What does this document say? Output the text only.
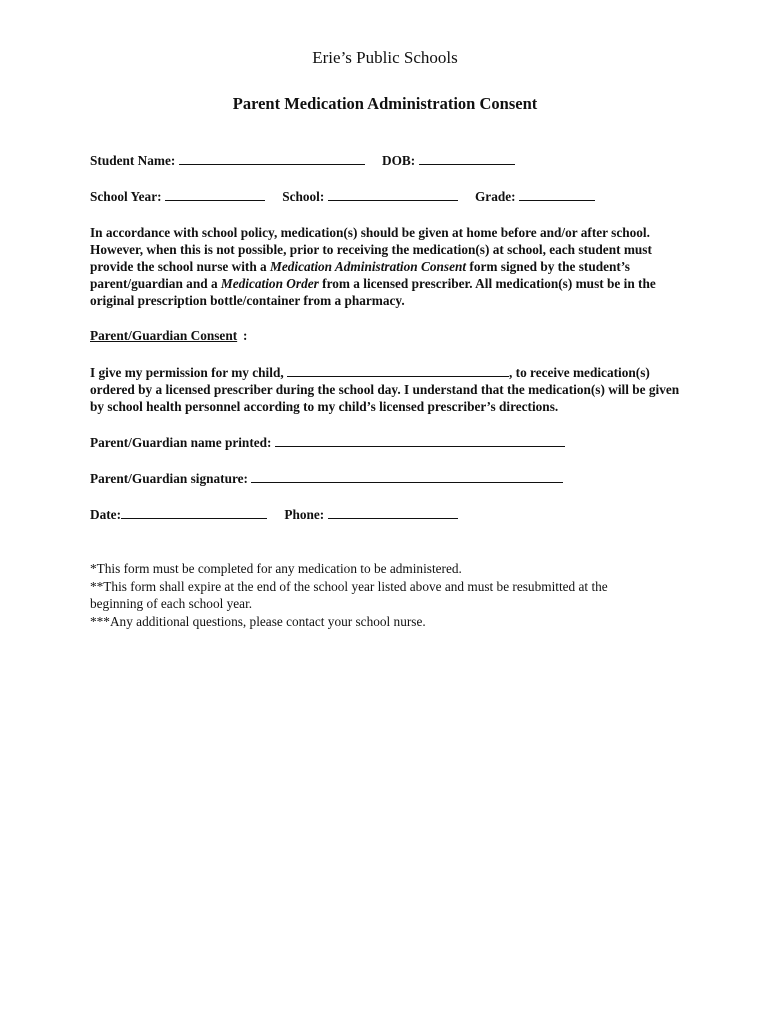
Erie’s Public Schools
Parent Medication Administration Consent
Student Name:	DOB:
School Year:	School:	Grade:
In accordance with school policy, medication(s) should be given at home before and/or after school. However, when this is not possible, prior to receiving the medication(s) at school, each student must provide the school nurse with a Medication Administration Consent form signed by the student’s parent/guardian and a Medication Order from a licensed prescriber. All medication(s) must be in the original prescription bottle/container from a pharmacy.
Parent/Guardian Consent :
I give my permission for my child,	, to receive medication(s) ordered by a licensed prescriber during the school day. I understand that the medication(s) will be given by school health personnel according to my child’s licensed prescriber’s directions.
Parent/Guardian name printed:
Parent/Guardian signature:
Date:	Phone:
*This form must be completed for any medication to be administered.
**This form shall expire at the end of the school year listed above and must be resubmitted at the beginning of each school year.
***Any additional questions, please contact your school nurse.
